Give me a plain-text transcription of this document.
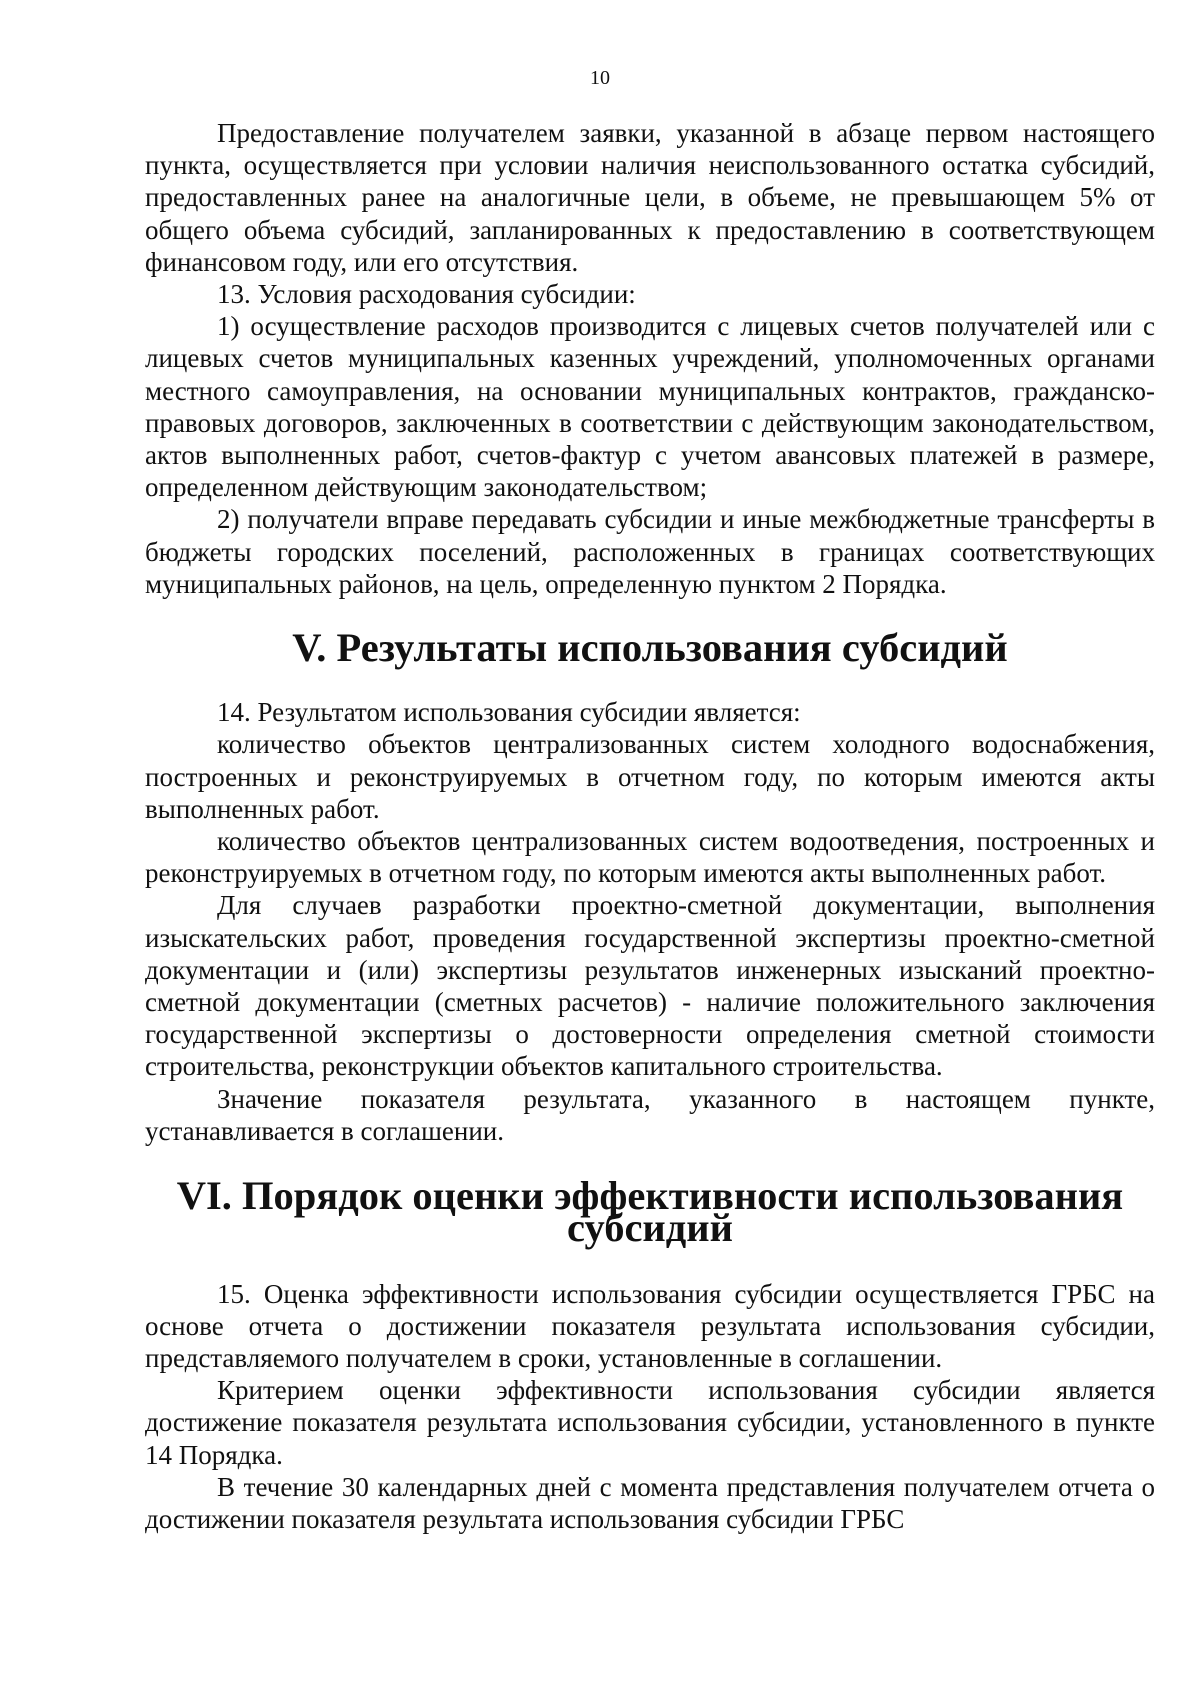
10

Предоставление получателем заявки, указанной в абзаце первом настоящего пункта, осуществляется при условии наличия неиспользованного остатка субсидий, предоставленных ранее на аналогичные цели, в объеме, не превышающем 5% от общего объема субсидий, запланированных к предоставлению в соответствующем финансовом году, или его отсутствия.

13. Условия расходования субсидии:

1) осуществление расходов производится с лицевых счетов получателей или с лицевых счетов муниципальных казенных учреждений, уполномоченных органами местного самоуправления, на основании муниципальных контрактов, гражданско-правовых договоров, заключенных в соответствии с действующим законодательством, актов выполненных работ, счетов-фактур с учетом авансовых платежей в размере, определенном действующим законодательством;

2) получатели вправе передавать субсидии и иные межбюджетные трансферты в бюджеты городских поселений, расположенных в границах соответствующих муниципальных районов, на цель, определенную пунктом 2 Порядка.

V. Результаты использования субсидий

14. Результатом использования субсидии является:

количество объектов централизованных систем холодного водоснабжения, построенных и реконструируемых в отчетном году, по которым имеются акты выполненных работ.

количество объектов централизованных систем водоотведения, построенных и реконструируемых в отчетном году, по которым имеются акты выполненных работ.

Для случаев разработки проектно-сметной документации, выполнения изыскательских работ, проведения государственной экспертизы проектно-сметной документации и (или) экспертизы результатов инженерных изысканий проектно-сметной документации (сметных расчетов) - наличие положительного заключения государственной экспертизы о достоверности определения сметной стоимости строительства, реконструкции объектов капитального строительства.

Значение показателя результата, указанного в настоящем пункте, устанавливается в соглашении.

VI. Порядок оценки эффективности использования субсидий

15. Оценка эффективности использования субсидии осуществляется ГРБС на основе отчета о достижении показателя результата использования субсидии, представляемого получателем в сроки, установленные в соглашении.

Критерием оценки эффективности использования субсидии является достижение показателя результата использования субсидии, установленного в пункте 14 Порядка.

В течение 30 календарных дней с момента представления получателем отчета о достижении показателя результата использования субсидии ГРБС
